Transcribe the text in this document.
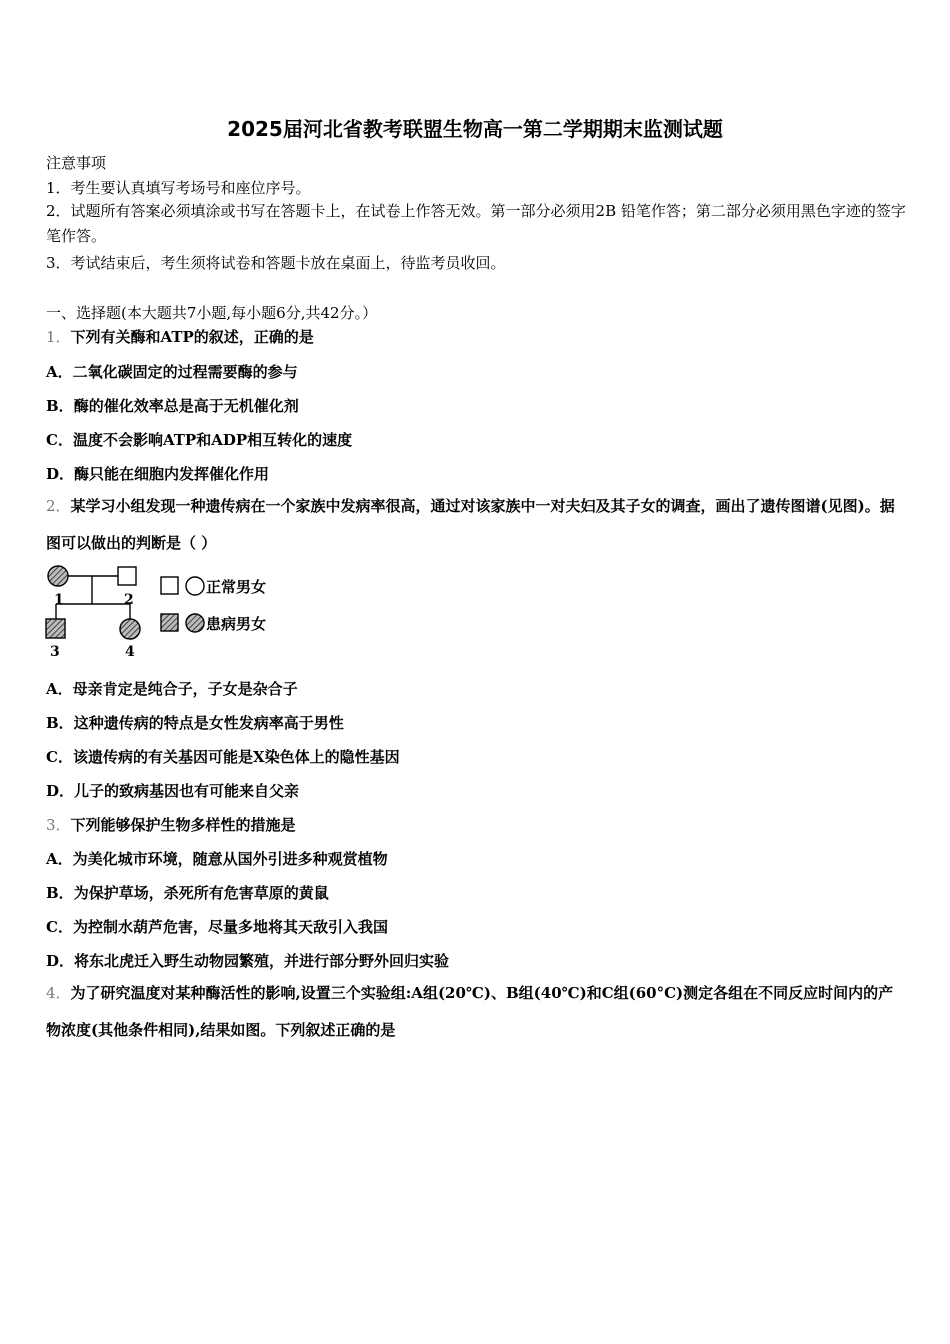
2025届河北省教考联盟生物高一第二学期期末监测试题
注意事项
1．考生要认真填写考场号和座位序号。
2．试题所有答案必须填涂或书写在答题卡上，在试卷上作答无效。第一部分必须用2B 铅笔作答；第二部分必须用黑色字迹的签字笔作答。
3．考试结束后，考生须将试卷和答题卡放在桌面上，待监考员收回。
一、选择题(本大题共7小题,每小题6分,共42分。）
1．下列有关酶和ATP的叙述，正确的是
A．二氧化碳固定的过程需要酶的参与
B．酶的催化效率总是高于无机催化剂
C．温度不会影响ATP和ADP相互转化的速度
D．酶只能在细胞内发挥催化作用
2．某学习小组发现一种遗传病在一个家族中发病率很高，通过对该家族中一对夫妇及其子女的调查，画出了遗传图谱(见图)。据图可以做出的判断是（ ）
1	2
3	4
正常男女
患病男女
A．母亲肯定是纯合子，子女是杂合子
B．这种遗传病的特点是女性发病率高于男性
C．该遗传病的有关基因可能是X染色体上的隐性基因
D．儿子的致病基因也有可能来自父亲
3．下列能够保护生物多样性的措施是
A．为美化城市环境，随意从国外引进多种观赏植物
B．为保护草场，杀死所有危害草原的黄鼠
C．为控制水葫芦危害，尽量多地将其天敌引入我国
D．将东北虎迁入野生动物园繁殖，并进行部分野外回归实验
4．为了研究温度对某种酶活性的影响,设置三个实验组:A组(20℃)、B组(40℃)和C组(60°C)测定各组在不同反应时间内的产物浓度(其他条件相同),结果如图。下列叙述正确的是
